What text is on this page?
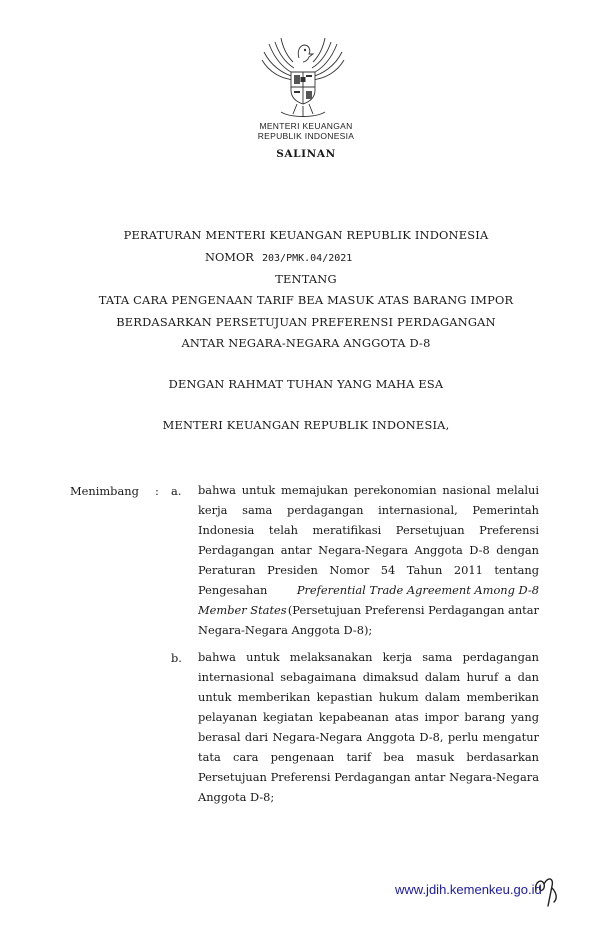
MENTERI KEUANGAN
REPUBLIK INDONESIA
SALINAN
PERATURAN MENTERI KEUANGAN REPUBLIK INDONESIA
NOMOR 203/PMK.04/2021
TENTANG
TATA CARA PENGENAAN TARIF BEA MASUK ATAS BARANG IMPOR
BERDASARKAN PERSETUJUAN PREFERENSI PERDAGANGAN
ANTAR NEGARA-NEGARA ANGGOTA D-8
DENGAN RAHMAT TUHAN YANG MAHA ESA
MENTERI KEUANGAN REPUBLIK INDONESIA,
Menimbang : a. bahwa untuk memajukan perekonomian nasional melalui
kerja sama perdagangan internasional, Pemerintah
Indonesia telah meratifikasi Persetujuan Preferensi
Perdagangan antar Negara-Negara Anggota D-8 dengan
Peraturan Presiden Nomor 54 Tahun 2011 tentang
Pengesahan	Preferential Trade Agreement Among D-8
Member States (Persetujuan Preferensi Perdagangan antar
Negara-Negara Anggota D-8);
b. bahwa untuk melaksanakan kerja sama perdagangan
internasional sebagaimana dimaksud dalam huruf a dan
untuk memberikan kepastian hukum dalam memberikan
pelayanan kegiatan kepabeanan atas impor barang yang
berasal dari Negara-Negara Anggota D-8, perlu mengatur
tata cara pengenaan tarif bea masuk berdasarkan
Persetujuan Preferensi Perdagangan antar Negara-Negara
Anggota D-8;
www.jdih.kemenkeu.go.id
